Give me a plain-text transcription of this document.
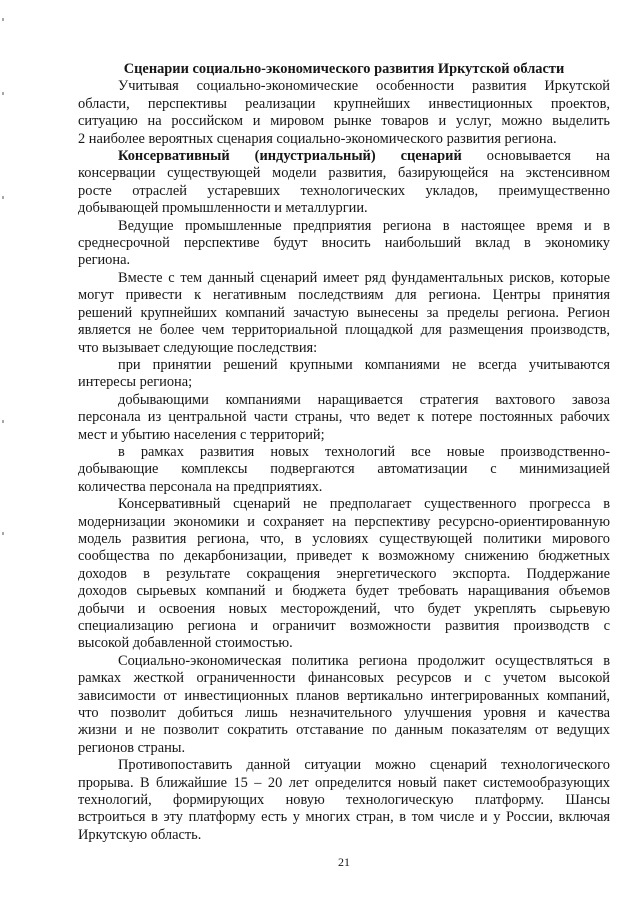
Сценарии социально-экономического развития Иркутской области
Учитывая социально-экономические особенности развития Иркутской
области, перспективы реализации крупнейших инвестиционных проектов,
ситуацию на российском и мировом рынке товаров и услуг, можно выделить
2 наиболее вероятных сценария социально-экономического развития региона.
Консервативный (индустриальный) сценарий основывается на
консервации существующей модели развития, базирующейся на экстенсивном
росте отраслей устаревших технологических укладов, преимущественно
добывающей промышленности и металлургии.
Ведущие промышленные предприятия региона в настоящее время и в
среднесрочной перспективе будут вносить наибольший вклад в экономику
региона.
Вместе с тем данный сценарий имеет ряд фундаментальных рисков, которые
могут привести к негативным последствиям для региона. Центры принятия
решений крупнейших компаний зачастую вынесены за пределы региона. Регион
является не более чем территориальной площадкой для размещения производств,
что вызывает следующие последствия:
при принятии решений крупными компаниями не всегда учитываются
интересы региона;
добывающими компаниями наращивается стратегия вахтового завоза
персонала из центральной части страны, что ведет к потере постоянных рабочих
мест и убытию населения с территорий;
в рамках развития новых технологий все новые производственно-
добывающие комплексы подвергаются автоматизации с минимизацией
количества персонала на предприятиях.
Консервативный сценарий не предполагает существенного прогресса в
модернизации экономики и сохраняет на перспективу ресурсно-ориентированную
модель развития региона, что, в условиях существующей политики мирового
сообщества по декарбонизации, приведет к возможному снижению бюджетных
доходов в результате сокращения энергетического экспорта. Поддержание
доходов сырьевых компаний и бюджета будет требовать наращивания объемов
добычи и освоения новых месторождений, что будет укреплять сырьевую
специализацию региона и ограничит возможности развития производств с
высокой добавленной стоимостью.
Социально-экономическая политика региона продолжит осуществляться в
рамках жесткой ограниченности финансовых ресурсов и с учетом высокой
зависимости от инвестиционных планов вертикально интегрированных компаний,
что позволит добиться лишь незначительного улучшения уровня и качества
жизни и не позволит сократить отставание по данным показателям от ведущих
регионов страны.
Противопоставить данной ситуации можно сценарий технологического
прорыва. В ближайшие 15 – 20 лет определится новый пакет системообразующих
технологий, формирующих новую технологическую платформу. Шансы
встроиться в эту платформу есть у многих стран, в том числе и у России, включая
Иркутскую область.
21
